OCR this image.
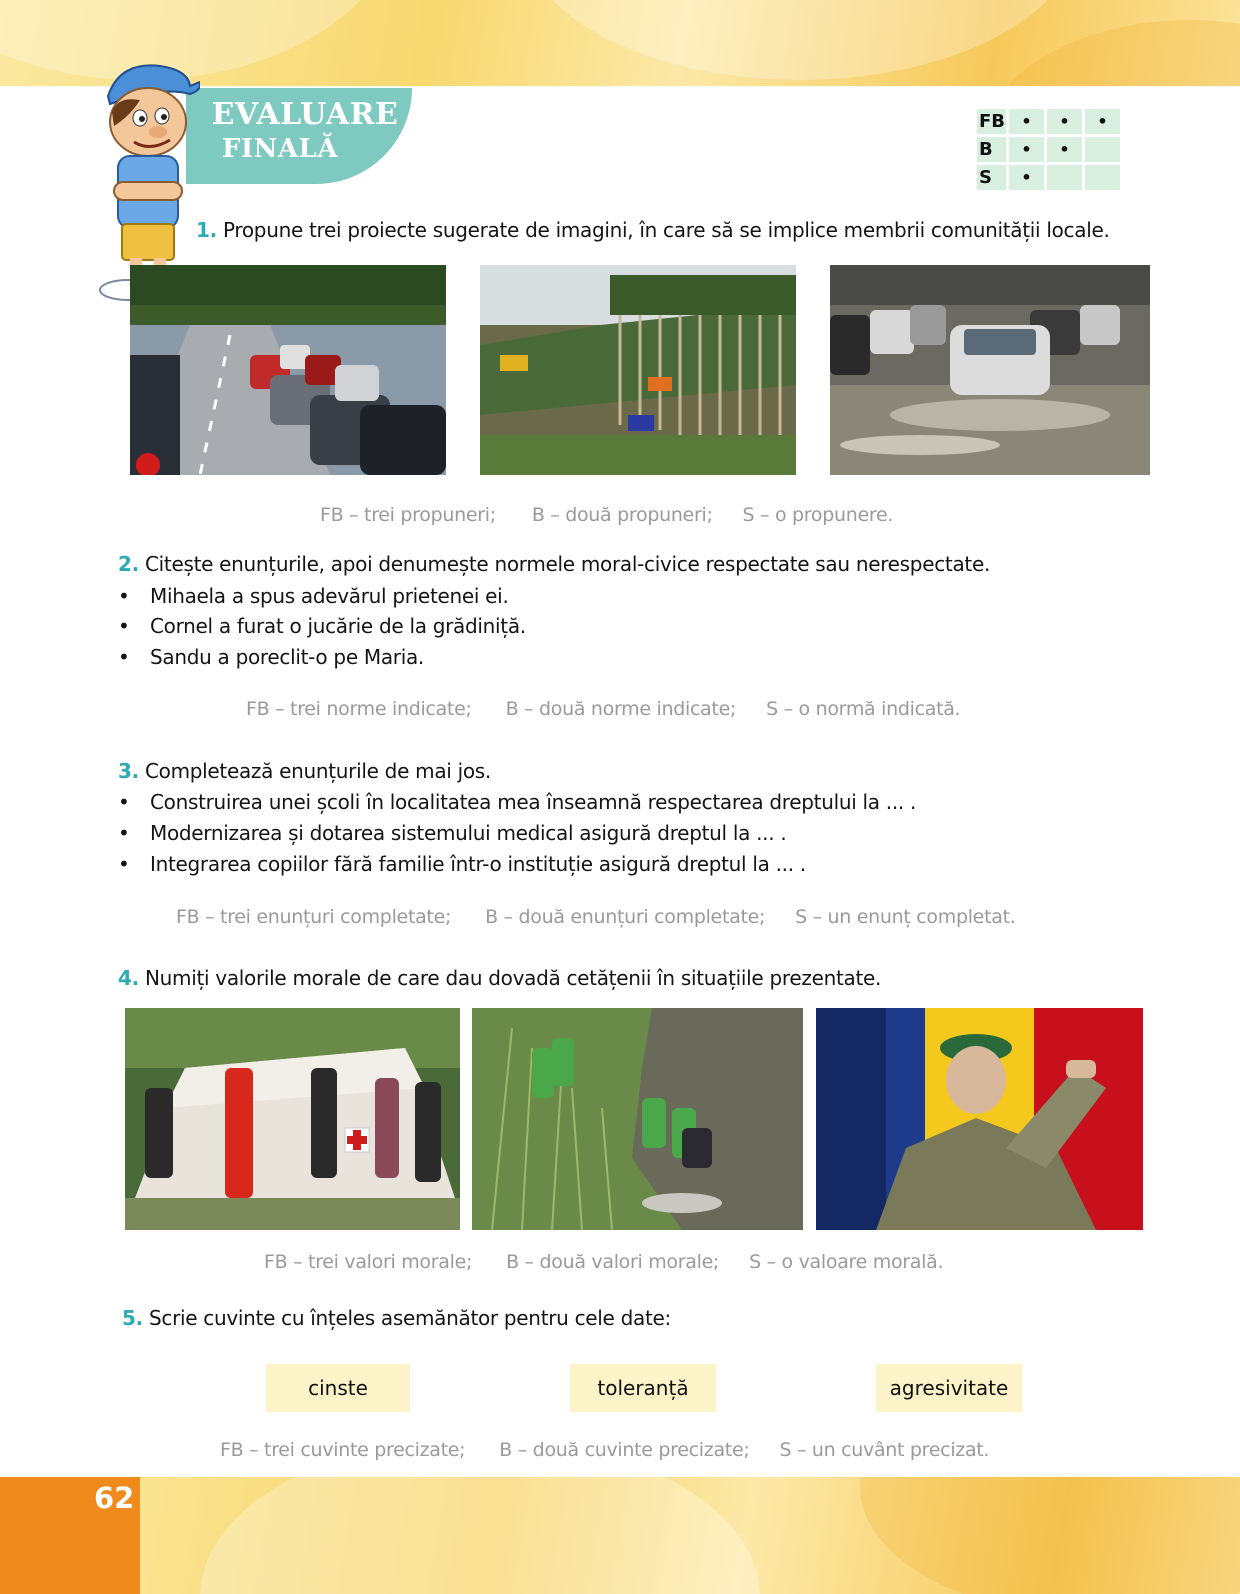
62
EVALUARE
FINALĂ
FB	•	•	•
B	•	•	
S	•		
1. Propune trei proiecte sugerate de imagini, în care să se implice membrii comunității locale.
FB – trei propuneri; B – două propuneri; S – o propunere.
2. Citește enunțurile, apoi denumește normele moral-civice respectate sau nerespectate.
• Mihaela a spus adevărul prietenei ei.
• Cornel a furat o jucărie de la grădiniță.
• Sandu a poreclit-o pe Maria.
FB – trei norme indicate; B – două norme indicate; S – o normă indicată.
3. Completează enunțurile de mai jos.
• Construirea unei școli în localitatea mea înseamnă respectarea dreptului la ... .
• Modernizarea și dotarea sistemului medical asigură dreptul la ... .
• Integrarea copiilor fără familie într-o instituție asigură dreptul la ... .
FB – trei enunțuri completate; B – două enunțuri completate; S – un enunț completat.
4. Numiți valorile morale de care dau dovadă cetățenii în situațiile prezentate.
FB – trei valori morale; B – două valori morale; S – o valoare morală.
5. Scrie cuvinte cu înțeles asemănător pentru cele date:
cinste	toleranță	agresivitate
FB – trei cuvinte precizate; B – două cuvinte precizate; S – un cuvânt precizat.
